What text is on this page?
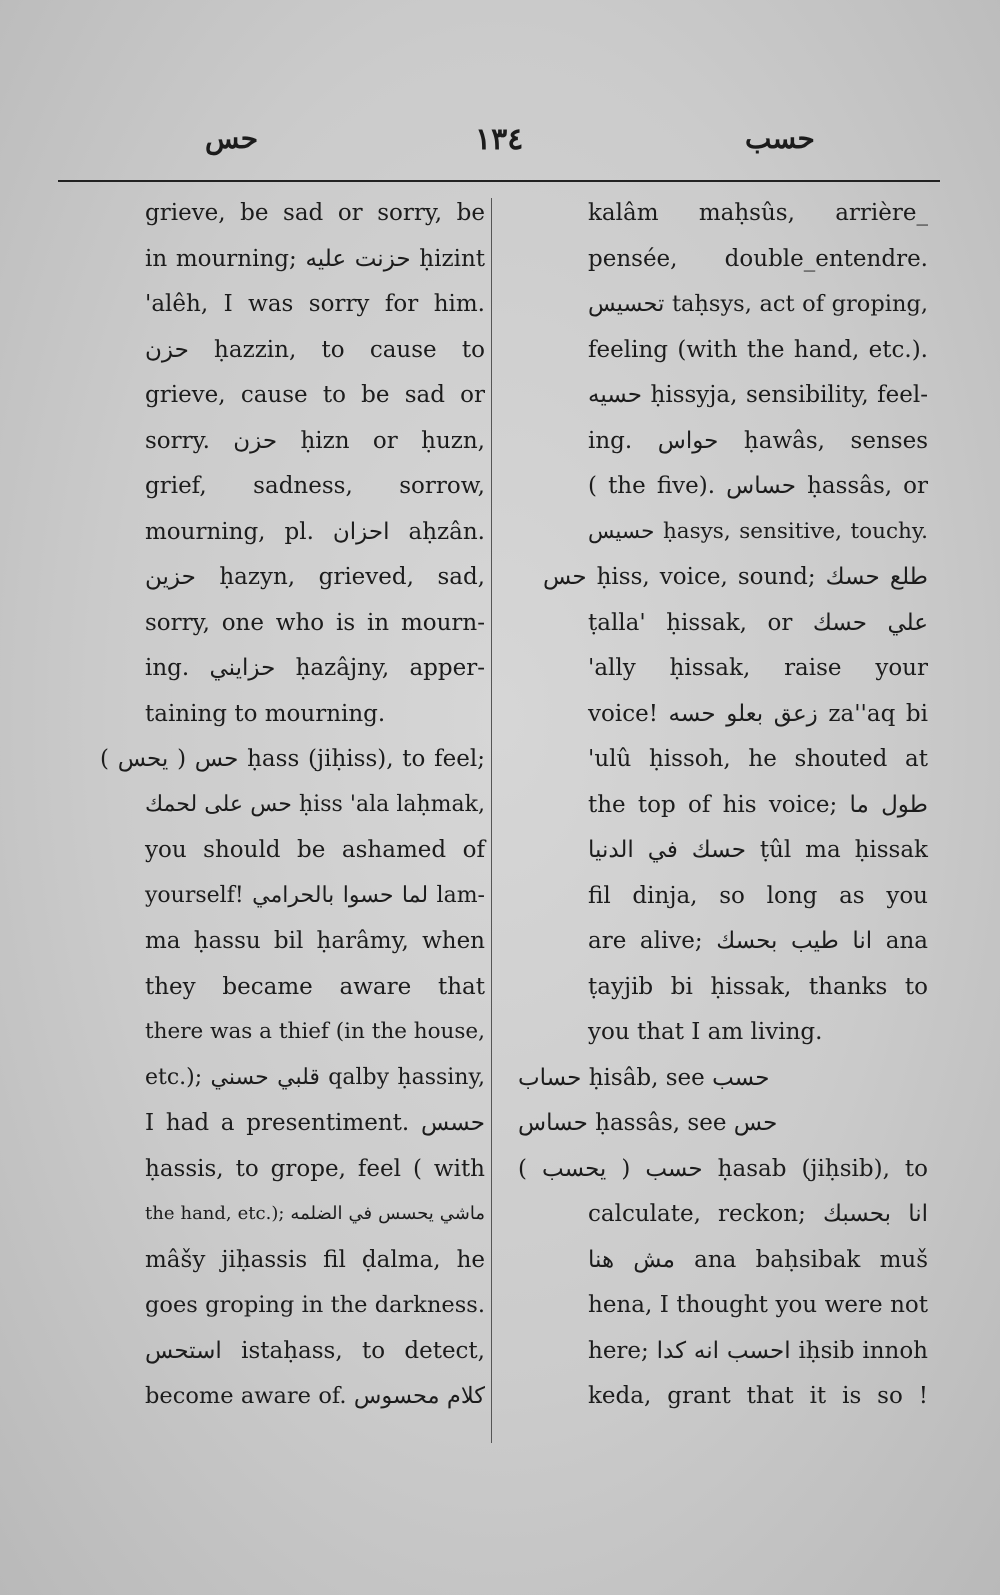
حس	١٣٤	حسب
grieve, be sad or sorry, be
in mourning; حزنت عليه ḥizint
'alêh, I was sorry for him.
حزن ḥazzin, to cause to
grieve, cause to be sad or
sorry. حزن ḥizn or ḥuzn,
grief, sadness, sorrow,
mourning, pl. احزان aḥzân.
حزين ḥazyn, grieved, sad,
sorry, one who is in mourn-
ing. حزايني ḥazâjny, apper-
taining to mourning.
حس ( يحس ) ḥass (jiḥiss), to feel;
حس على لحمك ḥiss 'ala laḥmak,
you should be ashamed of
yourself! لما حسوا بالحرامي lam-
ma ḥassu bil ḥarâmy, when
they became aware that
there was a thief (in the house,
etc.); قلبي حسني qalby ḥassiny,
I had a presentiment. حسس
ḥassis, to grope, feel ( with
the hand, etc.); ماشي يحسس في الضلمه
mâšy jiḥassis fil ḍalma, he
goes groping in the darkness.
استحس istaḥass, to detect,
become aware of. كلام محسوس
kalâm maḥsûs, arrière_
pensée, double_entendre.
تحسيس taḥsys, act of groping,
feeling (with the hand, etc.).
حسيه ḥissyja, sensibility, feel-
ing. حواس ḥawâs, senses
( the five). حساس ḥassâs, or
حسيس ḥasys, sensitive, touchy.
حس ḥiss, voice, sound; طلع حسك
ṭalla' ḥissak, or علي حسك
'ally ḥissak, raise your
voice! زعق بعلو حسه za''aq bi
'ulû ḥissoh, he shouted at
the top of his voice; طول ما
حسك في الدنيا ṭûl ma ḥissak
fil dinja, so long as you
are alive; انا طيب بحسك ana
ṭayjib bi ḥissak, thanks to
you that I am living.
حساب ḥisâb, see حسب
حساس ḥassâs, see حس
حسب ( يحسب ) ḥasab (jiḥsib), to
calculate, reckon; انا بحسبك
مش هنا ana baḥsibak muš
hena, I thought you were not
here; احسب انه كدا iḥsib innoh
keda, grant that it is so !
